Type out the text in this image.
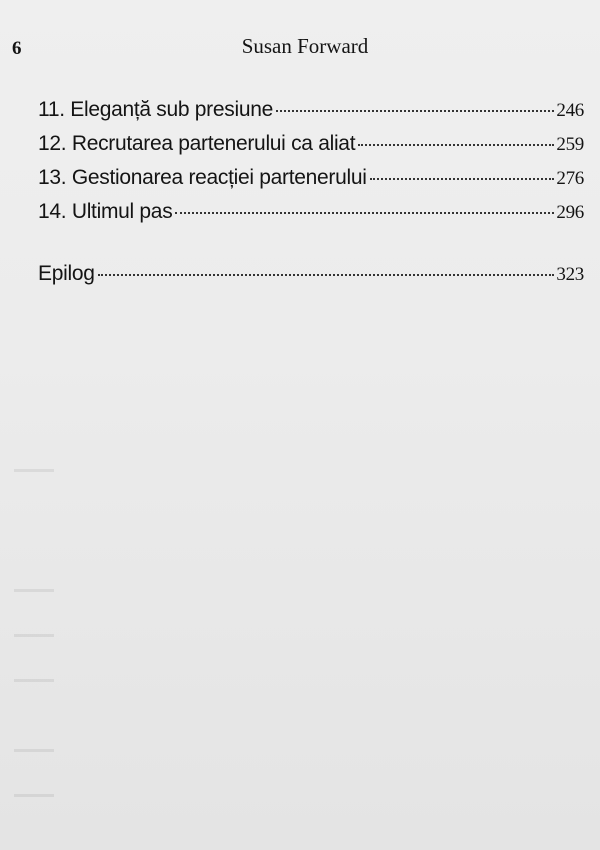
6	Susan Forward
11. Eleganță sub presiune	246
12. Recrutarea partenerului ca aliat	259
13. Gestionarea reacției partenerului	276
14. Ultimul pas	296
Epilog	323
